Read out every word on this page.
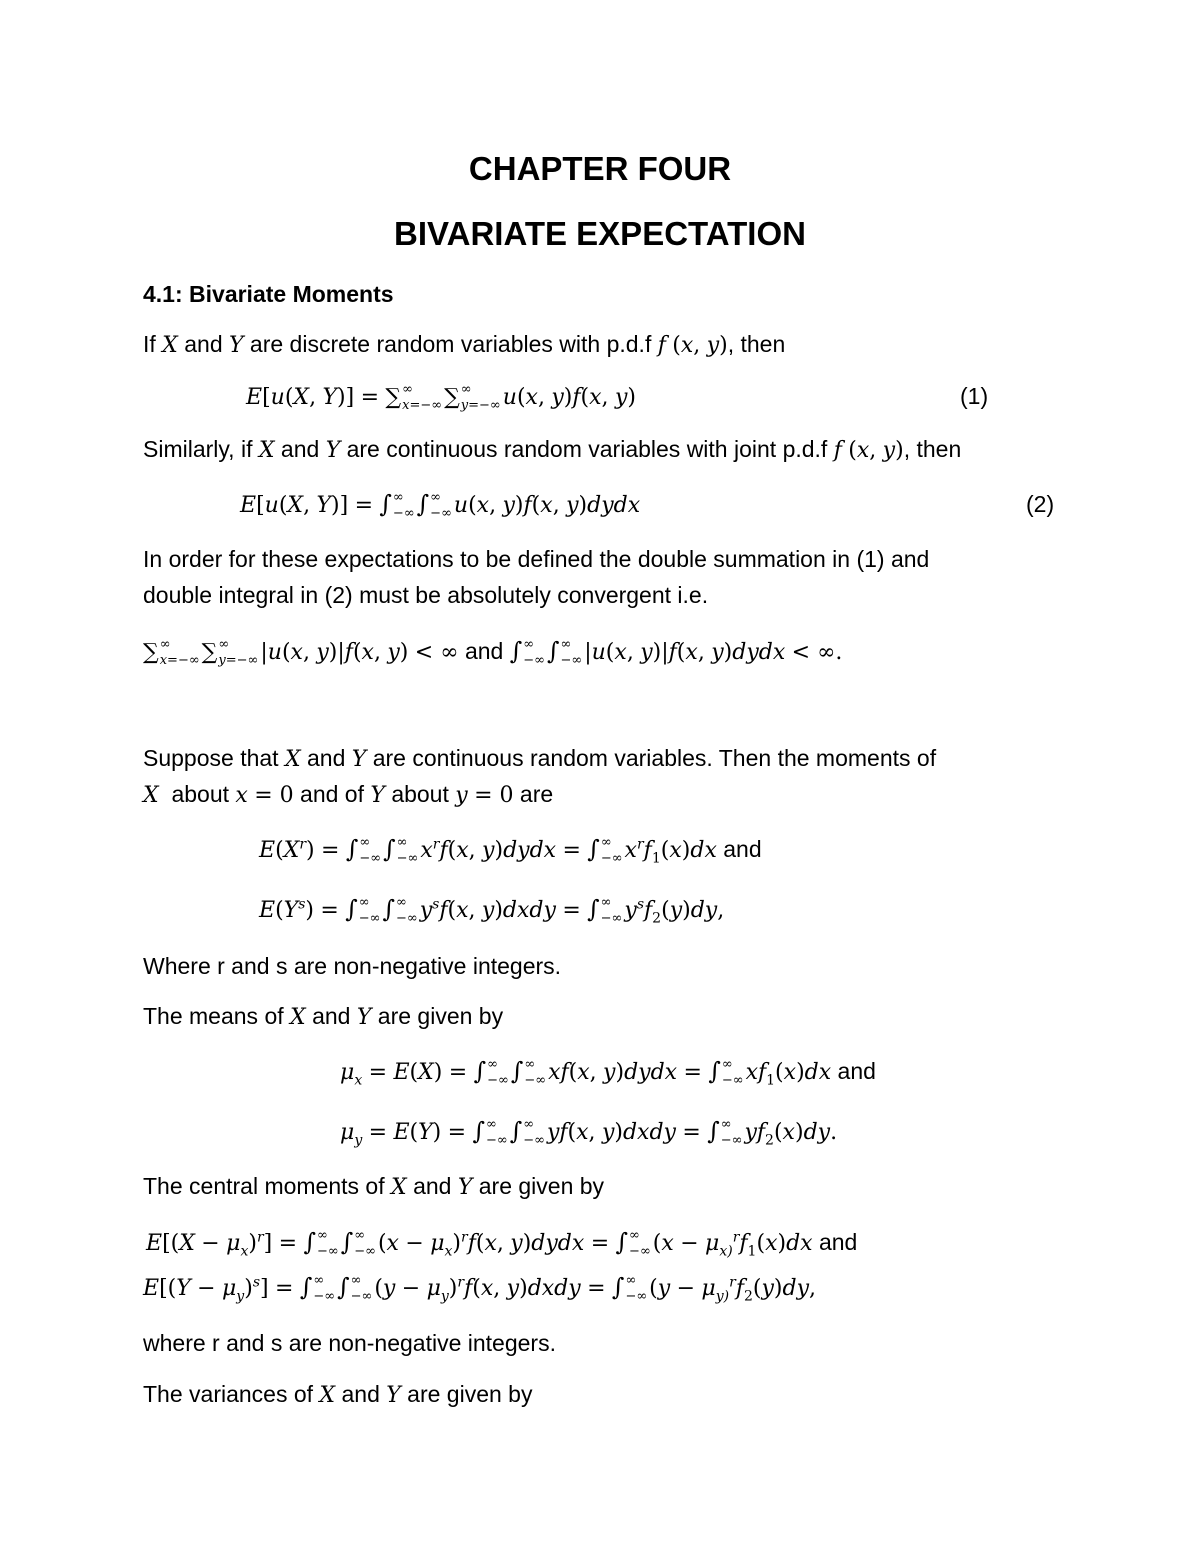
CHAPTER FOUR
BIVARIATE EXPECTATION
4.1: Bivariate Moments
If X and Y are discrete random variables with p.d.f f (x, y), then
E[u(X, Y)] = ∑ ∞
x=−∞ ∑ ∞
y=−∞ u(x, y)f(x, y)	(1)
Similarly, if X and Y are continuous random variables with joint p.d.f f (x, y), then
E[u(X, Y)] = ∫ ∞
−∞ ∫ ∞
−∞ u(x, y)f(x, y)dydx	(2)
In order for these expectations to be defined the double summation in (1) and
double integral in (2) must be absolutely convergent i.e.
∑ ∞
x=−∞ ∑ ∞
y=−∞ |u(x, y)|f(x, y) < ∞ and ∫ ∞
−∞ ∫ ∞
−∞ |u(x, y)|f(x, y)dydx < ∞.
Suppose that X and Y are continuous random variables. Then the moments of
X about x = 0 and of Y about y = 0 are
$E(X^r)$ = ∫ ∞
−∞ ∫ ∞
−∞ $x^rf(x$, y)dydx = ∫ ∞
−∞ $x^rf_1(x)dx$ and
$E(Y^s)$ = ∫ ∞
−∞ ∫ ∞
−∞ $y^sf(x$, y)dxdy = ∫ ∞
−∞ $y^sf_2(y)dy$,
Where r and s are non-negative integers.
The means of X and Y are given by
$\mu_x = E(X)$ = ∫ ∞
−∞ ∫ ∞
−∞ xf(x, y)dydx = ∫ ∞
−∞ $xf_1(x)dx$ and
$\mu_y = E(Y)$ = ∫ ∞
−∞ ∫ ∞
−∞ yf(x, y)dxdy = ∫ ∞
−∞ $yf_2(x)dy$.
The central moments of X and Y are given by
$E[(X - \mu_x)^r]$ = ∫ ∞
−∞ ∫ ∞
−∞ $(x - \mu_x)^rf(x$, y)dydx = ∫ ∞
−∞ ($x - \mu_{x)}^rf_1(x)dx$ and
$E[(Y - \mu_y)^s]$ = ∫ ∞
−∞ ∫ ∞
−∞ $(y - \mu_y)^rf(x$, y)dxdy = ∫ ∞
−∞ ($y - \mu_{y)}^rf_2(y)dy$,
where r and s are non-negative integers.
The variances of X and Y are given by
